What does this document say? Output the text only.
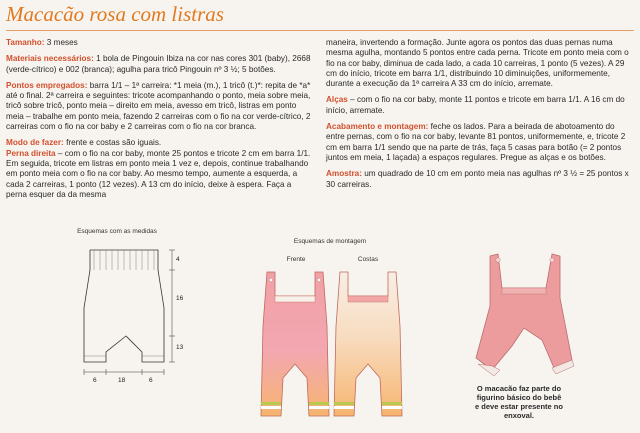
Macacão rosa com listras

Tamanho: 3 meses

Materiais necessários: 1 bola de Pingouin Ibiza na cor nas cores 301 (baby), 2668 (verde-cítrico) e 002 (branca); agulha para tricô Pingouin nº 3 ½; 5 botões.

Pontos empregados: barra 1/1 – 1ª carreira: *1 meia (m.), 1 tricô (t.)*: repita de *a* até o final. 2ª carreira e seguintes: tricote acompanhando o ponto, meia sobre meia, tricô sobre tricô, ponto meia – direito em meia, avesso em tricô, listras em ponto meia – trabalhe em ponto meia, fazendo 2 carreiras com o fio na cor verde-cítrico, 2 carreiras com o fio na cor baby e 2 carreiras com o fio na cor branca.

Modo de fazer: frente e costas são iguais.

Perna direita – com o fio na cor baby, monte 25 pontos e tricote 2 cm em barra 1/1. Em seguida, tricote em listras em ponto meia 1 vez e, depois, continue trabalhando em ponto meia com o fio na cor baby. Ao mesmo tempo, aumente a esquerda, a cada 2 carreiras, 1 ponto (12 vezes). A 13 cm do início, deixe à espera. Faça a perna esquer da da mesma

maneira, invertendo a formação. Junte agora os pontos das duas pernas numa mesma agulha, montando 5 pontos entre cada perna. Tricote em ponto meia com o fio na cor baby, diminua de cada lado, a cada 10 carreiras, 1 ponto (5 vezes). A 29 cm do início, tricote em barra 1/1, distribuindo 10 diminuições, uniformemente, durante a execução da 1ª carreira A 33 cm do início, arremate.

Alças – com o fio na cor baby, monte 11 pontos e tricote em barra 1/1. A 16 cm do início, arremate.

Acabamento e montagem: feche os lados. Para a beirada de abotoamento do entre pernas, com o fio na cor baby, levante 81 pontos, uniformemente, e, tricote 2 cm em barra 1/1 sendo que na parte de trás, faça 5 casas para botão (= 2 pontos juntos em meia, 1 laçada) a espaços regulares. Pregue as alças e os botões.

Amostra: um quadrado de 10 cm em ponto meia nas agulhas nº 3 ½ = 25 pontos x 30 carreiras.

Esquemas com as medidas
4
16
13
6	18	6
Esquemas de montagem
Frente	Costas
O macacão faz parte do figurino básico do bebê e deve estar presente no enxoval.
